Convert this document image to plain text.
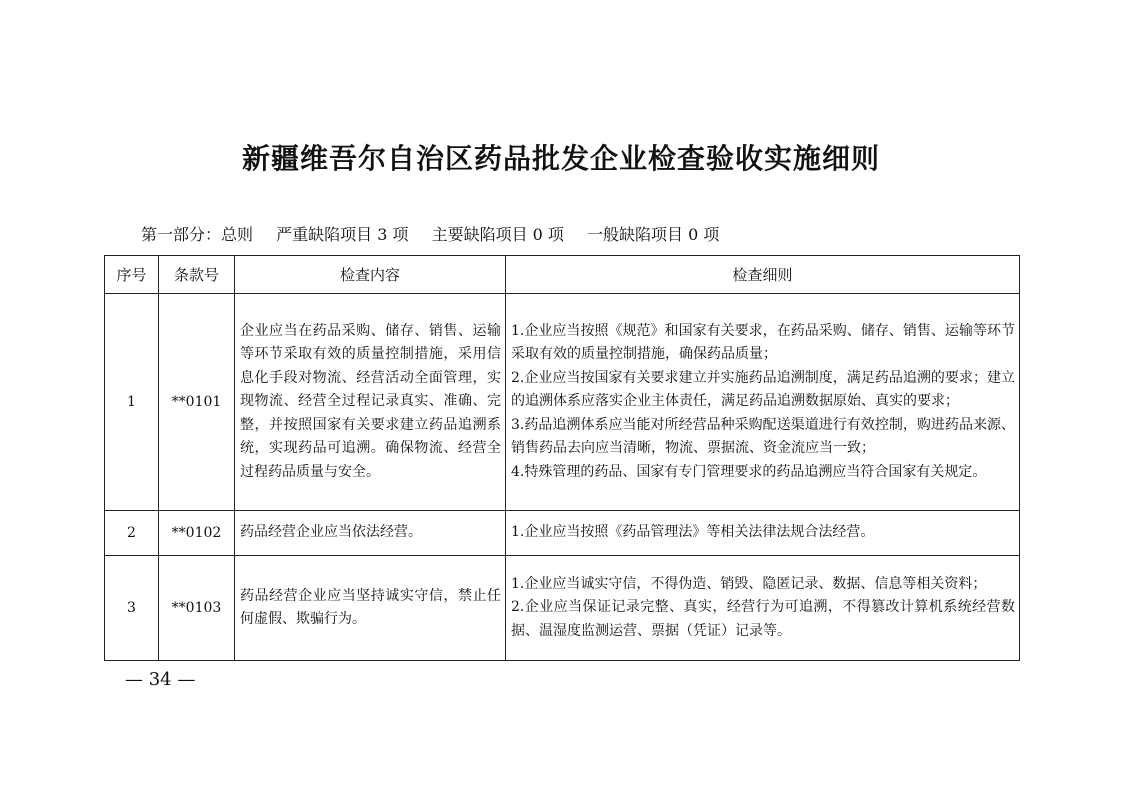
新疆维吾尔自治区药品批发企业检查验收实施细则
第一部分：总则 严重缺陷项目 3 项 主要缺陷项目 0 项 一般缺陷项目 0 项
序号	条款号	检查内容	检查细则
1	**0101	企业应当在药品采购、储存、销售、运输等环节采取有效的质量控制措施，采用信息化手段对物流、经营活动全面管理，实现物流、经营全过程记录真实、准确、完整，并按照国家有关要求建立药品追溯系统，实现药品可追溯。确保物流、经营全过程药品质量与安全。	1.企业应当按照《规范》和国家有关要求，在药品采购、储存、销售、运输等环节采取有效的质量控制措施，确保药品质量；
2.企业应当按国家有关要求建立并实施药品追溯制度，满足药品追溯的要求；建立的追溯体系应落实企业主体责任，满足药品追溯数据原始、真实的要求；
3.药品追溯体系应当能对所经营品种采购配送渠道进行有效控制，购进药品来源、销售药品去向应当清晰，物流、票据流、资金流应当一致；
4.特殊管理的药品、国家有专门管理要求的药品追溯应当符合国家有关规定。

2	**0102	药品经营企业应当依法经营。	1.企业应当按照《药品管理法》等相关法律法规合法经营。

3	**0103	药品经营企业应当坚持诚实守信，禁止任何虚假、欺骗行为。	1.企业应当诚实守信，不得伪造、销毁、隐匿记录、数据、信息等相关资料；
2.企业应当保证记录完整、真实，经营行为可追溯，不得篡改计算机系统经营数据、温湿度监测运营、票据（凭证）记录等。
— 34 —
